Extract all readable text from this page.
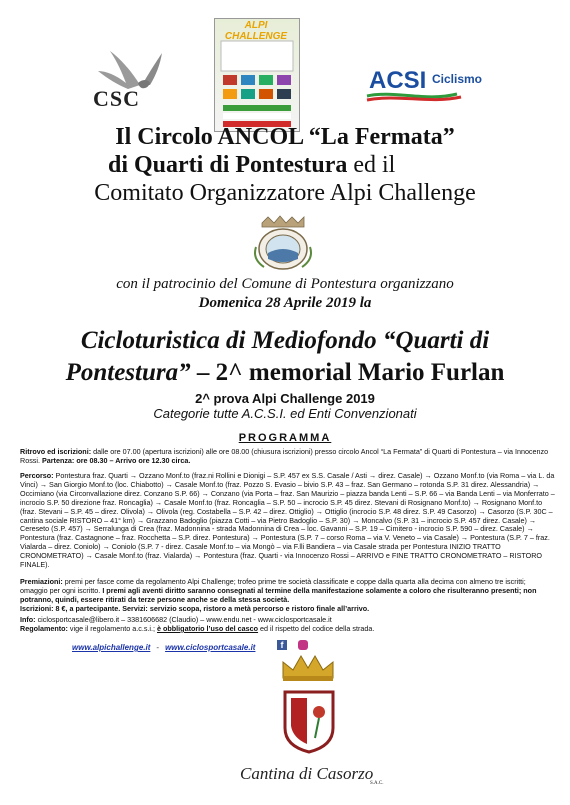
CSC
ALPI CHALLENGE
ACSI Ciclismo
Il Circolo ANCOL “La Fermata”
di Quarti di Pontestura ed il
Comitato Organizzatore Alpi Challenge
con il patrocinio del Comune di Pontestura organizzano
Domenica 28 Aprile 2019 la
Cicloturistica di Mediofondo “Quarti di
Pontestura” – 2^ memorial Mario Furlan
2^ prova Alpi Challenge 2019
Categorie tutte A.C.S.I. ed Enti Convenzionati
PROGRAMMA
Ritrovo ed iscrizioni: dalle ore 07.00 (apertura iscrizioni) alle ore 08.00 (chiusura iscrizioni) presso circolo Ancol “La Fermata” di Quarti di Pontestura – via Innocenzo Rossi. Partenza: ore 08.30 – Arrivo ore 12.30 circa.
Percorso: Pontestura fraz. Quarti → Ozzano Monf.to (fraz.ni Rollini e Dionigi – S.P. 457 ex S.S. Casale / Asti → direz. Casale) → Ozzano Monf.to (via Roma – via L. da Vinci) → San Giorgio Monf.to (loc. Chiabotto) → Casale Monf.to (fraz. Pozzo S. Evasio – bivio S.P. 43 – fraz. San Germano – rotonda S.P. 31 direz. Alessandria) → Occimiano (via Circonvallazione direz. Conzano S.P. 66) → Conzano (via Porta – fraz. San Maurizio – piazza banda Lenti – S.P. 66 – via Banda Lenti – via Monferrato – incrocio S.P. 50 direzione fraz. Roncaglia) → Casale Monf.to (fraz. Roncaglia – S.P. 50 – incrocio S.P. 45 direz. Stevani di Rosignano Monf.to) → Rosignano Monf.to (fraz. Stevani – S.P. 45 – direz. Olivola) → Olivola (reg. Costabella – S.P. 42 – direz. Ottiglio) → Ottiglio (incrocio S.P. 48 direz. S.P. 49 Casorzo) → Casorzo (S.P. 30C – cantina sociale RISTORO – 41° km) → Grazzano Badoglio (piazza Cotti – via Pietro Badoglio – S.P. 30) → Moncalvo (S.P. 31 – incrocio S.P. 457 direz. Casale) → Cereseto (S.P. 457) → Serralunga di Crea (fraz. Madonnina - strada Madonnina di Crea – loc. Gavanni – S.P. 19 – Cimitero - incrocio S.P. 590 – direz. Casale) → Pontestura (fraz. Castagnone – fraz. Rocchetta – S.P. direz. Pontestura) → Pontestura (S.P. 7 – corso Roma – via V. Veneto – via Casale) → Pontestura (S.P. 7 – fraz. Vialarda – direz. Coniolo) → Coniolo (S.P. 7 - direz. Casale Monf.to – via Mongò – via F.lli Bandiera – via Casale strada per Pontestura INIZIO TRATTO CRONOMETRATO) → Casale Monf.to (fraz. Vialarda) → Pontestura (fraz. Quarti - via Innocenzo Rossi – ARRIVO e FINE TRATTO CRONOMETRATO – RISTORO FINALE).
Premiazioni: premi per fasce come da regolamento Alpi Challenge; trofeo prime tre società classificate e coppe dalla quarta alla decima con almeno tre iscritti; omaggio per ogni iscritto. I premi agli aventi diritto saranno consegnati al termine della manifestazione solamente a coloro che risulteranno presenti; non potranno, quindi, essere ritirati da terze persone anche se della stessa società.
Iscrizioni: 8 €, a partecipante. Servizi: servizio scopa, ristoro a metà percorso e ristoro finale all’arrivo.
Info: ciclosportcasale@libero.it – 3381606682 (Claudio) – www.endu.net - www.ciclosportcasale.it
Regolamento: vige il regolamento a.c.s.i.; è obbligatorio l’uso del casco ed il rispetto del codice della strada.
www.alpichallenge.it - www.ciclosportcasale.it	f
Cantina di Casorzo
S.A.C.
